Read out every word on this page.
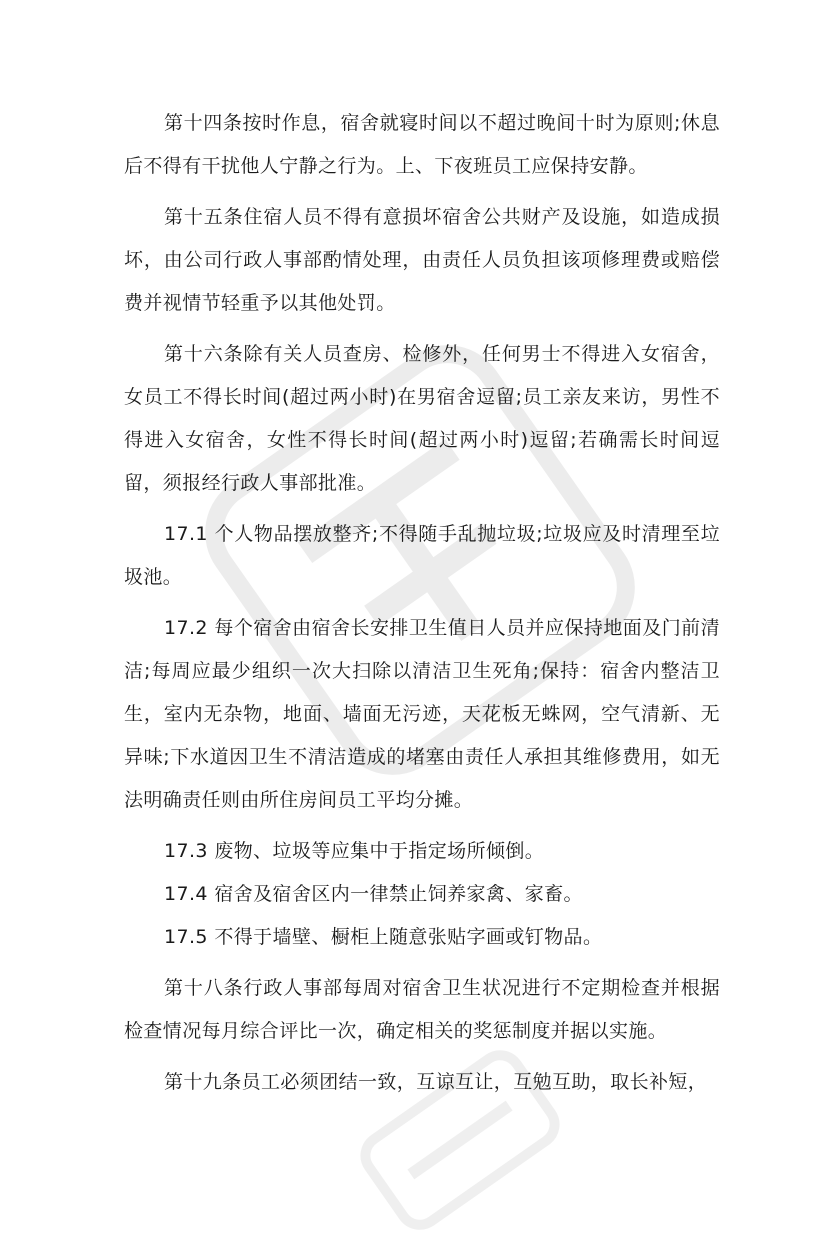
第十四条按时作息，宿舍就寝时间以不超过晚间十时为原则;休息后不得有干扰他人宁静之行为。上、下夜班员工应保持安静。

第十五条住宿人员不得有意损坏宿舍公共财产及设施，如造成损坏，由公司行政人事部酌情处理，由责任人员负担该项修理费或赔偿费并视情节轻重予以其他处罚。

第十六条除有关人员查房、检修外，任何男士不得进入女宿舍，女员工不得长时间(超过两小时)在男宿舍逗留;员工亲友来访，男性不得进入女宿舍，女性不得长时间(超过两小时)逗留;若确需长时间逗留，须报经行政人事部批准。

17.1 个人物品摆放整齐;不得随手乱抛垃圾;垃圾应及时清理至垃圾池。

17.2 每个宿舍由宿舍长安排卫生值日人员并应保持地面及门前清洁;每周应最少组织一次大扫除以清洁卫生死角;保持：宿舍内整洁卫生，室内无杂物，地面、墙面无污迹，天花板无蛛网，空气清新、无异味;下水道因卫生不清洁造成的堵塞由责任人承担其维修费用，如无法明确责任则由所住房间员工平均分摊。

17.3 废物、垃圾等应集中于指定场所倾倒。

17.4 宿舍及宿舍区内一律禁止饲养家禽、家畜。

17.5 不得于墙壁、橱柜上随意张贴字画或钉物品。

第十八条行政人事部每周对宿舍卫生状况进行不定期检查并根据检查情况每月综合评比一次，确定相关的奖惩制度并据以实施。

第十九条员工必须团结一致，互谅互让，互勉互助，取长补短，
